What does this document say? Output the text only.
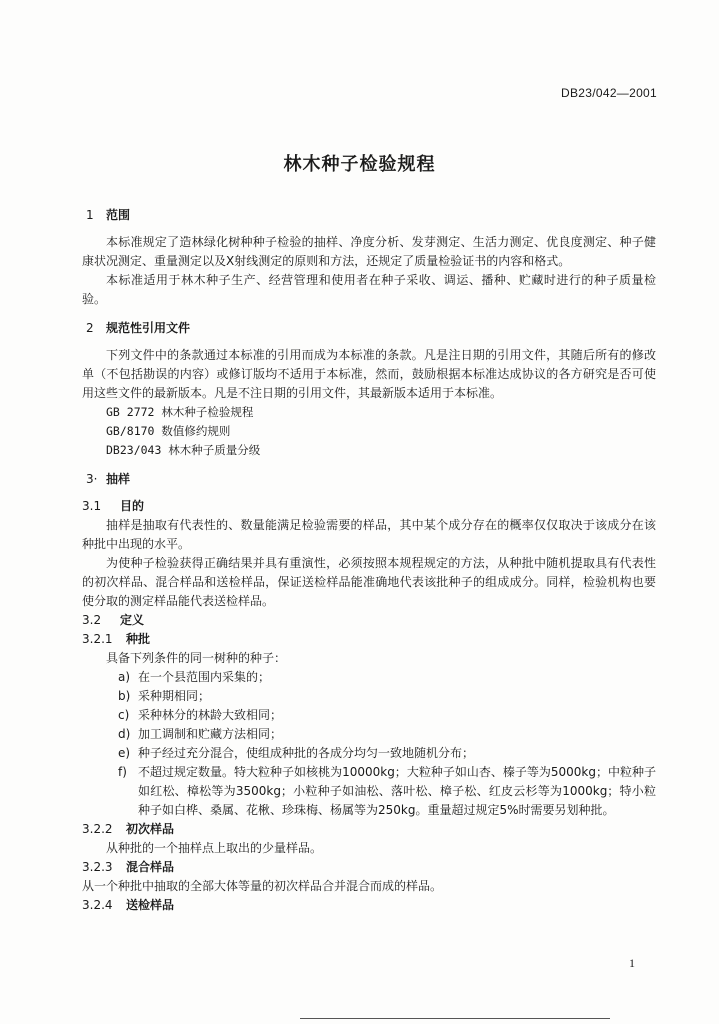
DB23/042—2001
林木种子检验规程

1 范围

本标准规定了造林绿化树种种子检验的抽样、净度分析、发芽测定、生活力测定、优良度测定、种子健康状况测定、重量测定以及X射线测定的原则和方法，还规定了质量检验证书的内容和格式。

本标准适用于林木种子生产、经营管理和使用者在种子采收、调运、播种、贮藏时进行的种子质量检验。

2 规范性引用文件

下列文件中的条款通过本标准的引用而成为本标准的条款。凡是注日期的引用文件，其随后所有的修改单（不包括勘误的内容）或修订版均不适用于本标准，然而，鼓励根据本标准达成协议的各方研究是否可使用这些文件的最新版本。凡是不注日期的引用文件，其最新版本适用于本标准。

GB 2772 林木种子检验规程

GB/8170 数值修约规则

DB23/043 林木种子质量分级

3· 抽样

3.1 目的

抽样是抽取有代表性的、数量能满足检验需要的样品，其中某个成分存在的概率仅仅取决于该成分在该种批中出现的水平。

为使种子检验获得正确结果并具有重演性，必须按照本规程规定的方法，从种批中随机提取具有代表性的初次样品、混合样品和送检样品，保证送检样品能准确地代表该批种子的组成成分。同样，检验机构也要使分取的测定样品能代表送检样品。

3.2 定义

3.2.1 种批

具备下列条件的同一树种的种子：

a) 在一个县范围内采集的；

b) 采种期相同；

c) 采种林分的林龄大致相同；

d) 加工调制和贮藏方法相同；

e) 种子经过充分混合，使组成种批的各成分均匀一致地随机分布；

f) 不超过规定数量。特大粒种子如核桃为10000kg；大粒种子如山杏、榛子等为5000kg；中粒种子如红松、樟松等为3500kg；小粒种子如油松、落叶松、樟子松、红皮云杉等为1000kg；特小粒种子如白桦、桑属、花楸、珍珠梅、杨属等为250kg。重量超过规定5%时需要另划种批。

3.2.2 初次样品

从种批的一个抽样点上取出的少量样品。

3.2.3 混合样品

从一个种批中抽取的全部大体等量的初次样品合并混合而成的样品。

3.2.4 送检样品

1
